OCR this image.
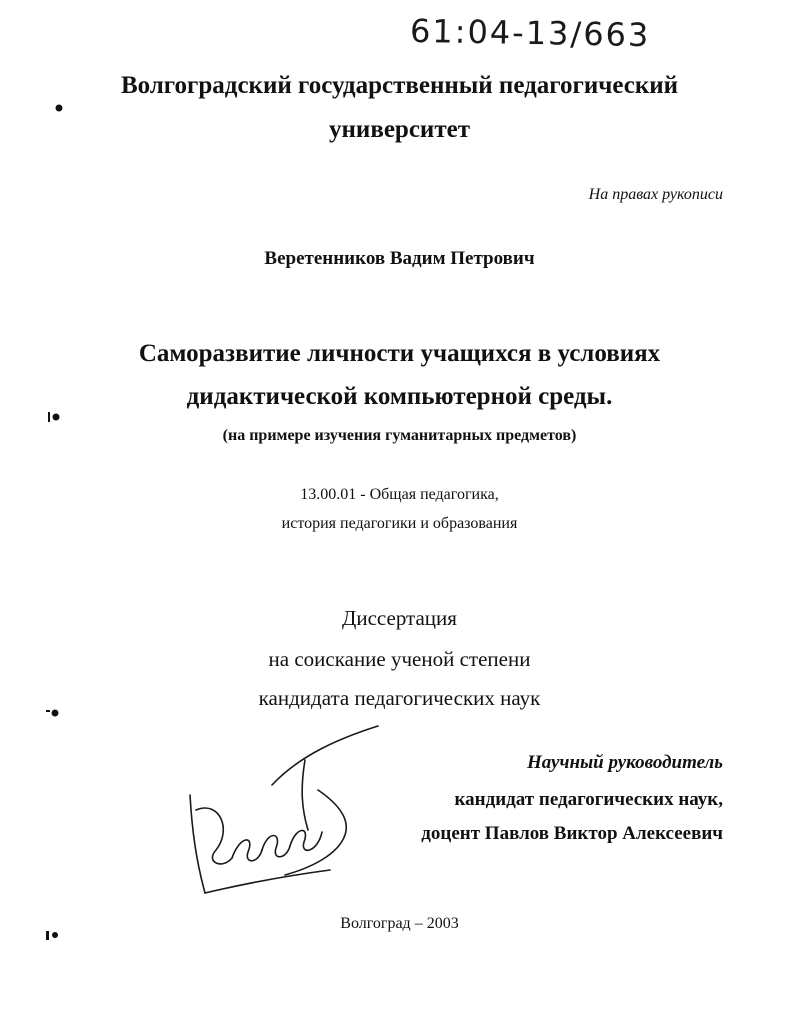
61:04-13/663
Волгоградский государственный педагогический
университет
На правах рукописи
Веретенников Вадим Петрович
Саморазвитие личности учащихся в условиях
дидактической компьютерной среды.
(на примере изучения гуманитарных предметов)
13.00.01 - Общая педагогика,
история педагогики и образования
Диссертация
на соискание ученой степени
кандидата педагогических наук
Научный руководитель
кандидат педагогических наук,
доцент Павлов Виктор Алексеевич
Волгоград – 2003
